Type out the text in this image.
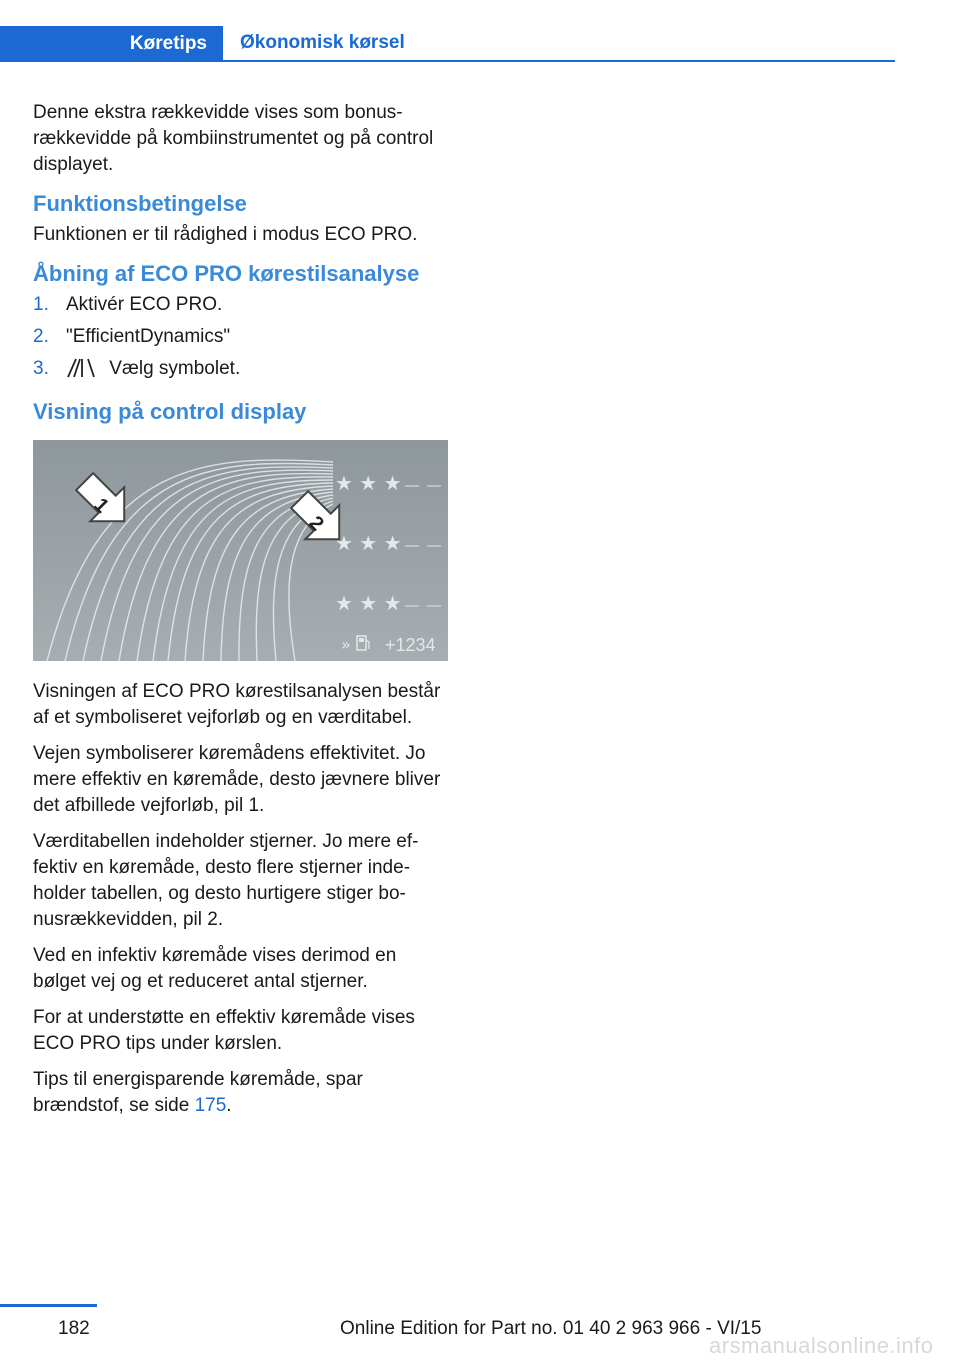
Køretips	Økonomisk kørsel

Denne ekstra rækkevidde vises som bonusrækkevidde på kombiinstrumentet og på control displayet.

Funktionsbetingelse

Funktionen er til rådighed i modus ECO PRO.

Åbning af ECO PRO kørestilsanalyse
1. Aktivér ECO PRO.
2. "EfficientDynamics"
3.	Vælg symbolet.
Visning på control display
1
2
★ ★ ★
★ ★ ★
★ ★ ★
» +1234

Visningen af ECO PRO kørestilsanalysen består af et symboliseret vejforløb og en værditabel.

Vejen symboliserer køremådens effektivitet. Jo mere effektiv en køremåde, desto jævnere bliver det afbillede vejforløb, pil 1.

Værditabellen indeholder stjerner. Jo mere effektiv en køremåde, desto flere stjerner indeholder tabellen, og desto hurtigere stiger bonusrækkevidden, pil 2.

Ved en infektiv køremåde vises derimod en bølget vej og et reduceret antal stjerner.

For at understøtte en effektiv køremåde vises ECO PRO tips under kørslen.

Tips til energisparende køremåde, spar brændstof, se side 175.

182	Online Edition for Part no. 01 40 2 963 966 - VI/15
arsmanualsonline.info
